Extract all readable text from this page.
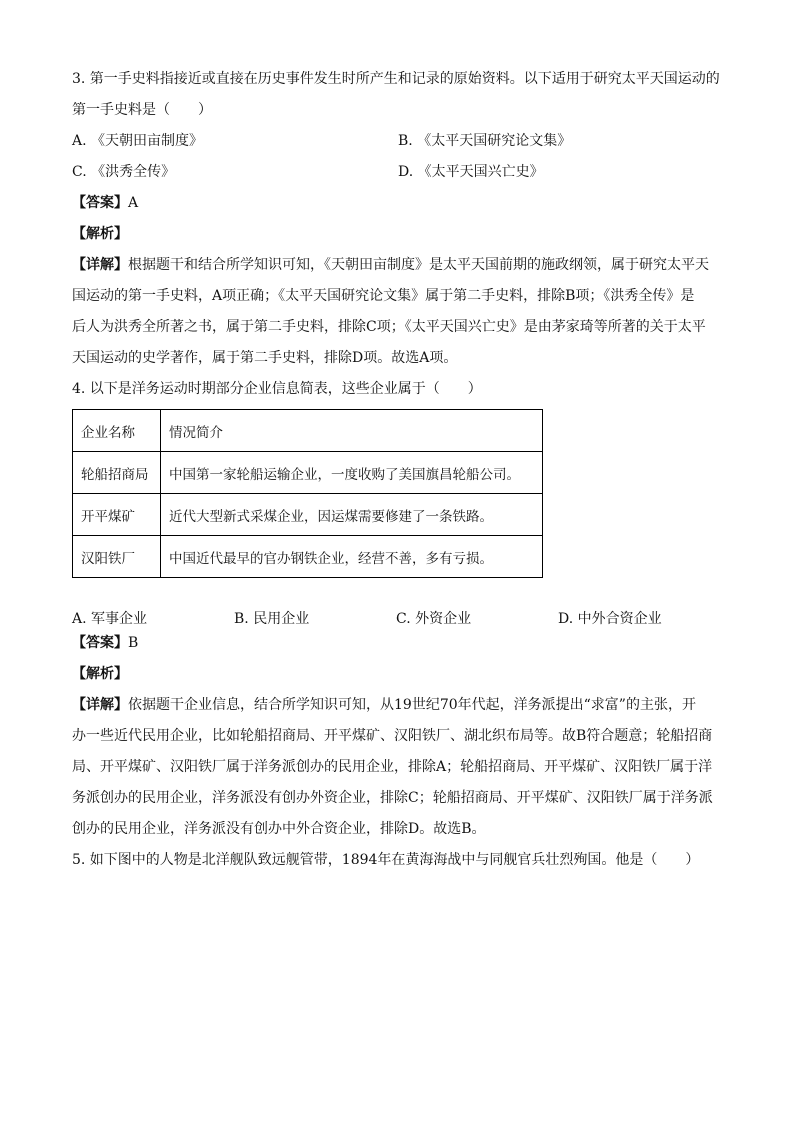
3. 第一手史料指接近或直接在历史事件发生时所产生和记录的原始资料。以下适用于研究太平天国运动的

第一手史料是（　　）

A. 《天朝田亩制度》	B. 《太平天国研究论文集》

C. 《洪秀全传》	D. 《太平天国兴亡史》

【答案】A

【解析】

【详解】根据题干和结合所学知识可知，《天朝田亩制度》是太平天国前期的施政纲领，属于研究太平天

国运动的第一手史料，A项正确；《太平天国研究论文集》属于第二手史料，排除B项；《洪秀全传》是

后人为洪秀全所著之书，属于第二手史料，排除C项；《太平天国兴亡史》是由茅家琦等所著的关于太平

天国运动的史学著作，属于第二手史料，排除D项。故选A项。

4. 以下是洋务运动时期部分企业信息简表，这些企业属于（　　）

企业名称	情况简介
轮船招商局	中国第一家轮船运输企业，一度收购了美国旗昌轮船公司。
开平煤矿	近代大型新式采煤企业，因运煤需要修建了一条铁路。
汉阳铁厂	中国近代最早的官办钢铁企业，经营不善，多有亏损。
A. 军事企业	B. 民用企业	C. 外资企业	D. 中外合资企业

【答案】B

【解析】

【详解】依据题干企业信息，结合所学知识可知，从19世纪70年代起，洋务派提出“求富”的主张，开

办一些近代民用企业，比如轮船招商局、开平煤矿、汉阳铁厂、湖北织布局等。故B符合题意；轮船招商

局、开平煤矿、汉阳铁厂属于洋务派创办的民用企业，排除A；轮船招商局、开平煤矿、汉阳铁厂属于洋

务派创办的民用企业，洋务派没有创办外资企业，排除C；轮船招商局、开平煤矿、汉阳铁厂属于洋务派

创办的民用企业，洋务派没有创办中外合资企业，排除D。故选B。

5. 如下图中的人物是北洋舰队致远舰管带，1894年在黄海海战中与同舰官兵壮烈殉国。他是（　　）
